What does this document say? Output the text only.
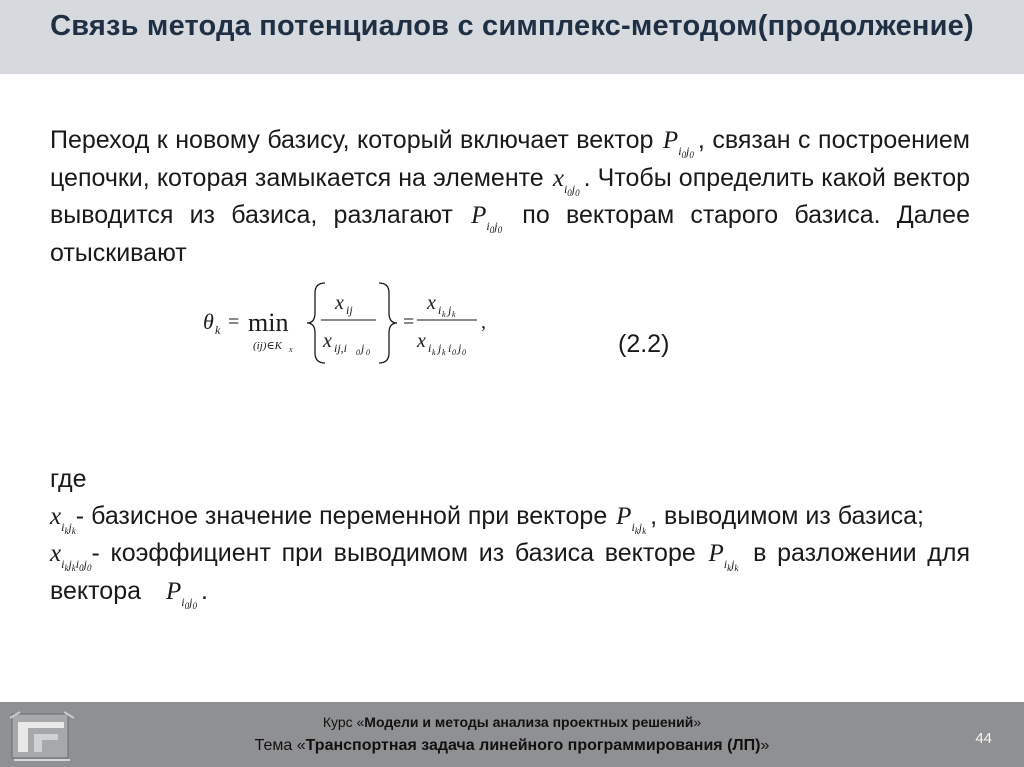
Связь метода потенциалов с симплекс-методом(продолжение)
Переход к новому базису, который включает вектор $P_{i_0j_0}$, связан с построением цепочки, которая замыкается на элементе $x_{i_0j_0}$. Чтобы определить какой вектор выводится из базиса, разлагают $P_{i_0j_0}$ по векторам старого базиса. Далее отыскивают
где
$x_{i_kj_k}-$ базисное значение переменной при векторе $P_{i_kj_k}$, выводимом из базиса;
$x_{i_kj_ki_0j_0}-$ коэффициент при выводимом из базиса векторе $P_{i_kj_k}$ в разложении для вектора $P_{i_0j_0}$.
θ k = min
(ij)∈K x
x ij
x ij,i 0 j 0
=
x i k j k
x i k j k i 0 j 0
,
(2.2)
Курс «Модели и методы анализа проектных решений»
Тема «Транспортная задача линейного программирования (ЛП)»	44
